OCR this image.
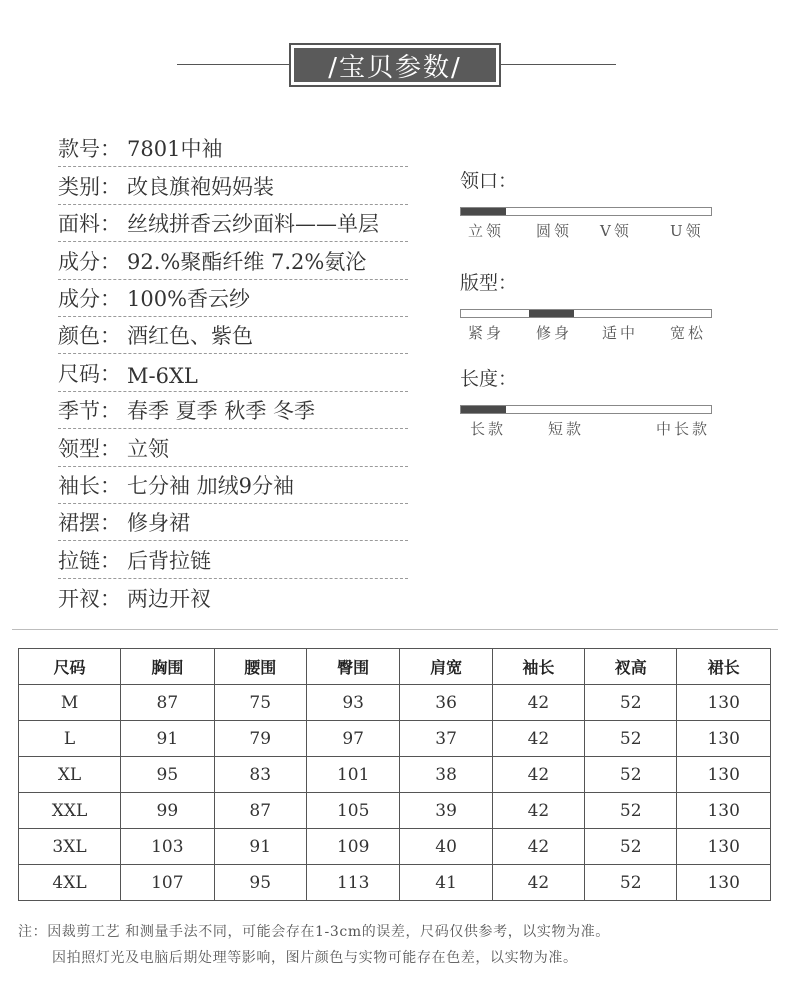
/宝贝参数/
款号： 7801中袖
类别： 改良旗袍妈妈装
面料： 丝绒拼香云纱面料——单层
成分： 92.%聚酯纤维 7.2%氨沦
成分： 100%香云纱
颜色： 酒红色、紫色
尺码： M-6XL
季节： 春季 夏季 秋季 冬季
领型： 立领
袖长： 七分袖 加绒9分袖
裙摆： 修身裙
拉链： 后背拉链
开衩： 两边开衩
领口：
立领 圆领 V领	U领
版型：
紧身 修身 适中 宽松
长度：
长款	短款	中长款
尺码	胸围	腰围	臀围	肩宽	袖长	衩高	裙长
M	87	75	93	36	42	52	130
L	91	79	97	37	42	52	130
XL	95	83	101	38	42	52	130
XXL	99	87	105	39	42	52	130
3XL	103	91	109	40	42	52	130
4XL	107	95	113	41	42	52	130
注：因裁剪工艺 和测量手法不同，可能会存在1-3cm的误差，尺码仅供参考，以实物为准。
因拍照灯光及电脑后期处理等影响，图片颜色与实物可能存在色差，以实物为准。
